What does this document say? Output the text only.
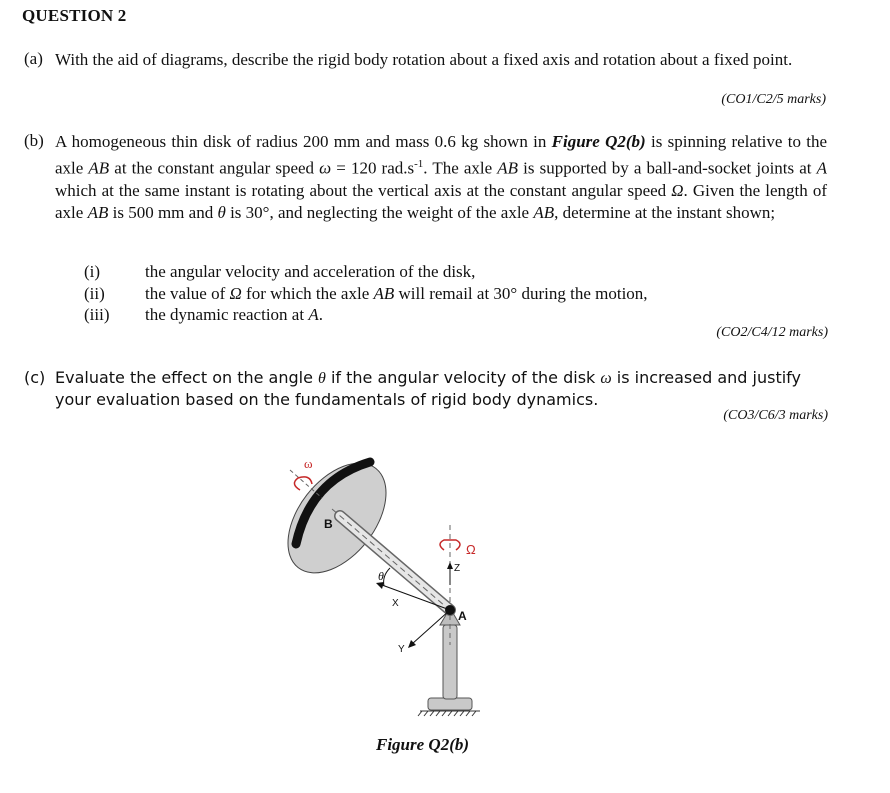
QUESTION 2
(a) With the aid of diagrams, describe the rigid body rotation about a fixed axis and rotation about a fixed point.
(CO1/C2/5 marks)
(b) A homogeneous thin disk of radius 200 mm and mass 0.6 kg shown in Figure Q2(b) is spinning relative to the axle AB at the constant angular speed ω = 120 $rad.s^{-1}$. The axle AB is supported by a ball-and-socket joints at A which at the same instant is rotating about the vertical axis at the constant angular speed Ω. Given the length of axle AB is 500 mm and θ is 30°, and neglecting the weight of the axle AB, determine at the instant shown;
(i)	the angular velocity and acceleration of the disk,
(ii) the value of Ω for which the axle AB will remail at 30° during the motion,
(iii) the dynamic reaction at A.
(CO2/C4/12 marks)
(c) Evaluate the effect on the angle θ if the angular velocity of the disk ω is increased and justify your evaluation based on the fundamentals of rigid body dynamics.
(CO3/C6/3 marks)
ω
B
Ω
Z
θ
X
A
Y
Figure Q2(b)
